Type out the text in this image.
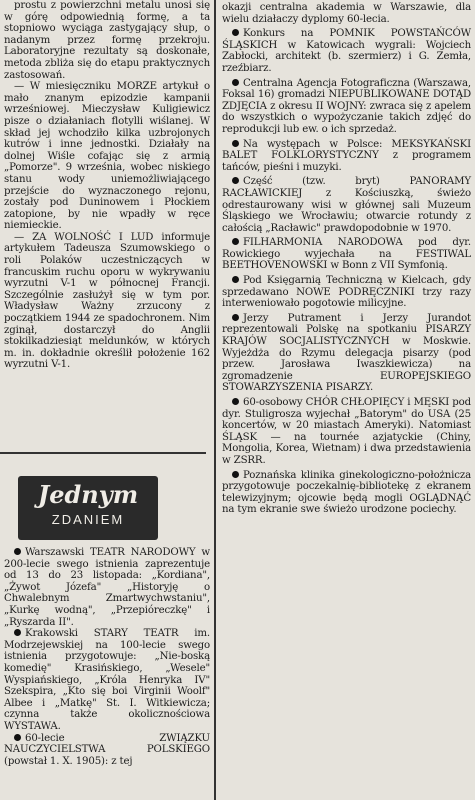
prostu z powierzchni metalu unosi się w górę odpowiednią formę, a ta stopniowo wyciąga zastygający słup, o nadanym przez formę przekroju. Laboratoryjne rezultaty są doskonałe, metoda zbliża się do etapu praktycznych zastosowań.

— W miesięczniku MORZE artykuł o mało znanym epizodzie kampanii wrześniowej. Mieczysław Kuligiewicz pisze o działaniach flotylli wiślanej. W skład jej wchodziło kilka uzbrojonych kutrów i inne jednostki. Działały na dolnej Wiśle cofając się z armią „Pomorze". 9 września, wobec niskiego stanu wody uniemożliwiającego przejście do wyznaczonego rejonu, zostały pod Duninowem i Płockiem zatopione, by nie wpadły w ręce niemieckie.

— ZA WOLNOŚĆ I LUD informuje artykułem Tadeusza Szumowskiego o roli Polaków uczestniczących w francuskim ruchu oporu w wykrywaniu wyrzutni V-1 w północnej Francji. Szczególnie zasłużył się w tym por. Władysław Ważny zrzucony z początkiem 1944 ze spadochronem. Nim zginął, dostarczył do Anglii stokilkadziesiąt meldunków, w których m. in. dokładnie określił położenie 162 wyrzutni V-1.

Jednym
ZDANIEM

Warszawski TEATR NARODOWY w 200-lecie swego istnienia zaprezentuje od 13 do 23 listopada: „Kordiana", „Żywot Józefa" „Historyję o Chwalebnym Zmartwychwstaniu", „Kurkę wodną", „Przepióreczkę" i „Ryszarda II".

Krakowski STARY TEATR im. Modrzejewskiej na 100-lecie swego istnienia przygotowuje: „Nie-boską komedię" Krasińskiego, „Wesele" Wyspiańskiego, „Króla Henryka IV" Szekspira, „Kto się boi Virginii Woolf" Albee i „Matkę" St. I. Witkiewicza; czynna także okolicznościowa WYSTAWA.

60-lecie ZWIĄZKU NAUCZYCIELSTWA POLSKIEGO (powstał 1. X. 1905): z tej

okazji centralna akademia w Warszawie, dla wielu działaczy dyplomy 60-lecia.

Konkurs na POMNIK POWSTAŃCÓW ŚLĄSKICH w Katowicach wygrali: Wojciech Zabłocki, architekt (b. szermierz) i G. Zemła, rzeźbiarz.

Centralna Agencja Fotograficzna (Warszawa, Foksal 16) gromadzi NIEPUBLIKOWANE DOTĄD ZDJĘCIA z okresu II WOJNY: zwraca się z apelem do wszystkich o wypożyczanie takich zdjęć do reprodukcji lub ew. o ich sprzedaż.

Na występach w Polsce: MEKSYKAŃSKI BALET FOLKLORYSTYCZNY z programem tańców, pieśni i muzyki.

Część (tzw. bryt) PANORAMY RACŁAWICKIEJ z Kościuszką, świeżo odrestaurowany wisi w głównej sali Muzeum Śląskiego we Wrocławiu; otwarcie rotundy z całością „Racławic" prawdopodobnie w 1970.

FILHARMONIA NARODOWA pod dyr. Rowickiego wyjechała na FESTIWAL BEETHOVENOWSKI w Bonn z VII Symfonią.

Pod Księgarnią Techniczną w Kielcach, gdy sprzedawano NOWE PODRĘCZNIKI trzy razy interweniowało pogotowie milicyjne.

Jerzy Putrament i Jerzy Jurandot reprezentowali Polskę na spotkaniu PISARZY KRAJÓW SOCJALISTYCZNYCH w Moskwie. Wyjeżdża do Rzymu delegacja pisarzy (pod przew. Jarosława Iwaszkiewicza) na zgromadzenie EUROPEJSKIEGO STOWARZYSZENIA PISARZY.

60-osobowy CHÓR CHŁOPIĘCY i MĘSKI pod dyr. Stuligrosza wyjechał „Batorym" do USA (25 koncertów, w 20 miastach Ameryki). Natomiast ŚLĄSK — na tournée azjatyckie (Chiny, Mongolia, Korea, Wietnam) i dwa przedstawienia w ZSRR.

Poznańska klinika ginekologiczno-położnicza przygotowuje poczekalnię-bibliotekę z ekranem telewizyjnym; ojcowie będą mogli OGLĄDNĄĆ na tym ekranie swe świeżo urodzone pociechy.
